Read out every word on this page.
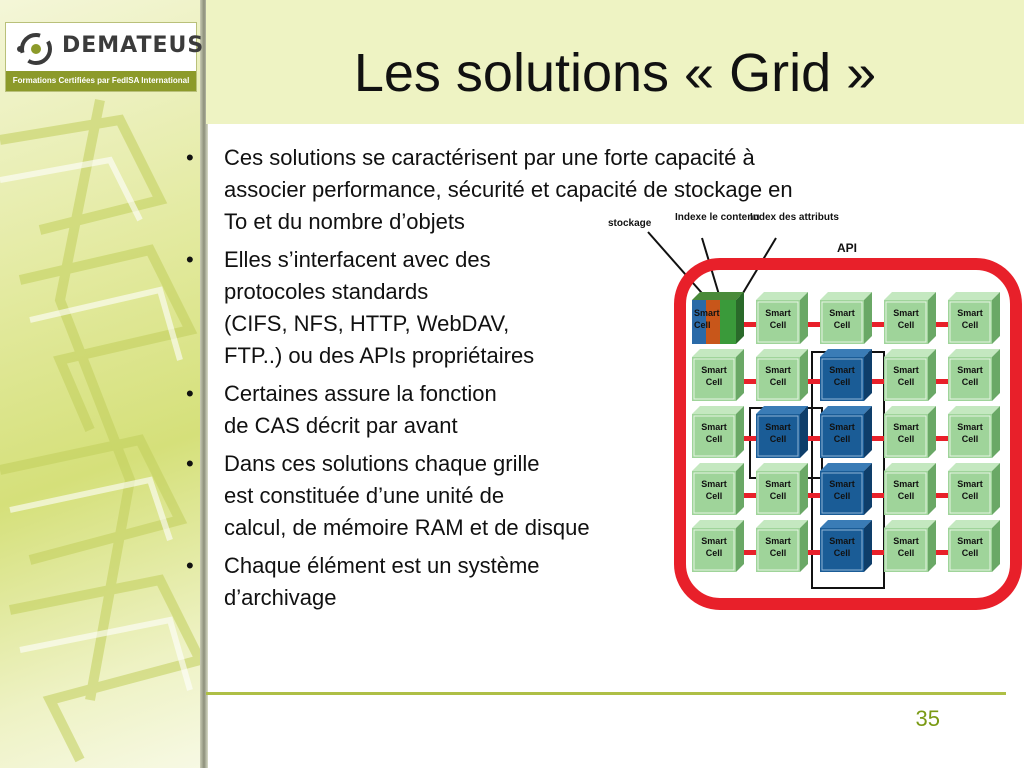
DEMATEUS
Formations Certifiées par FedISA International	Les solutions « Grid »
• Ces solutions se caractérisent par une forte capacité à
associer performance, sécurité et capacité de stockage en
To et du nombre d’objets
• Elles s’interfacent avec des
protocoles standards
(CIFS, NFS, HTTP, WebDAV,
FTP..) ou des APIs propriétaires
• Certaines assure la fonction
de CAS décrit par avant
• Dans ces solutions chaque grille
est constituée d’une unité de
calcul, de mémoire RAM et de disque
• Chaque élément est un système
d’archivage
stockage
Indexe le contenu
Index des attributs
API
Smart
Cell
Smart
Cell
Smart
Cell
Smart
Cell
Smart
Cell
Smart
Cell
Smart
Cell
Smart
Cell
Smart
Cell
Smart
Cell
Smart
Cell
Smart
Cell
Smart
Cell
Smart
Cell
Smart
Cell
Smart
Cell
Smart
Cell
Smart
Cell
Smart
Cell
Smart
Cell
Smart
Cell
Smart
Cell
Smart
Cell
Smart
Cell
Smart
Cell
35
